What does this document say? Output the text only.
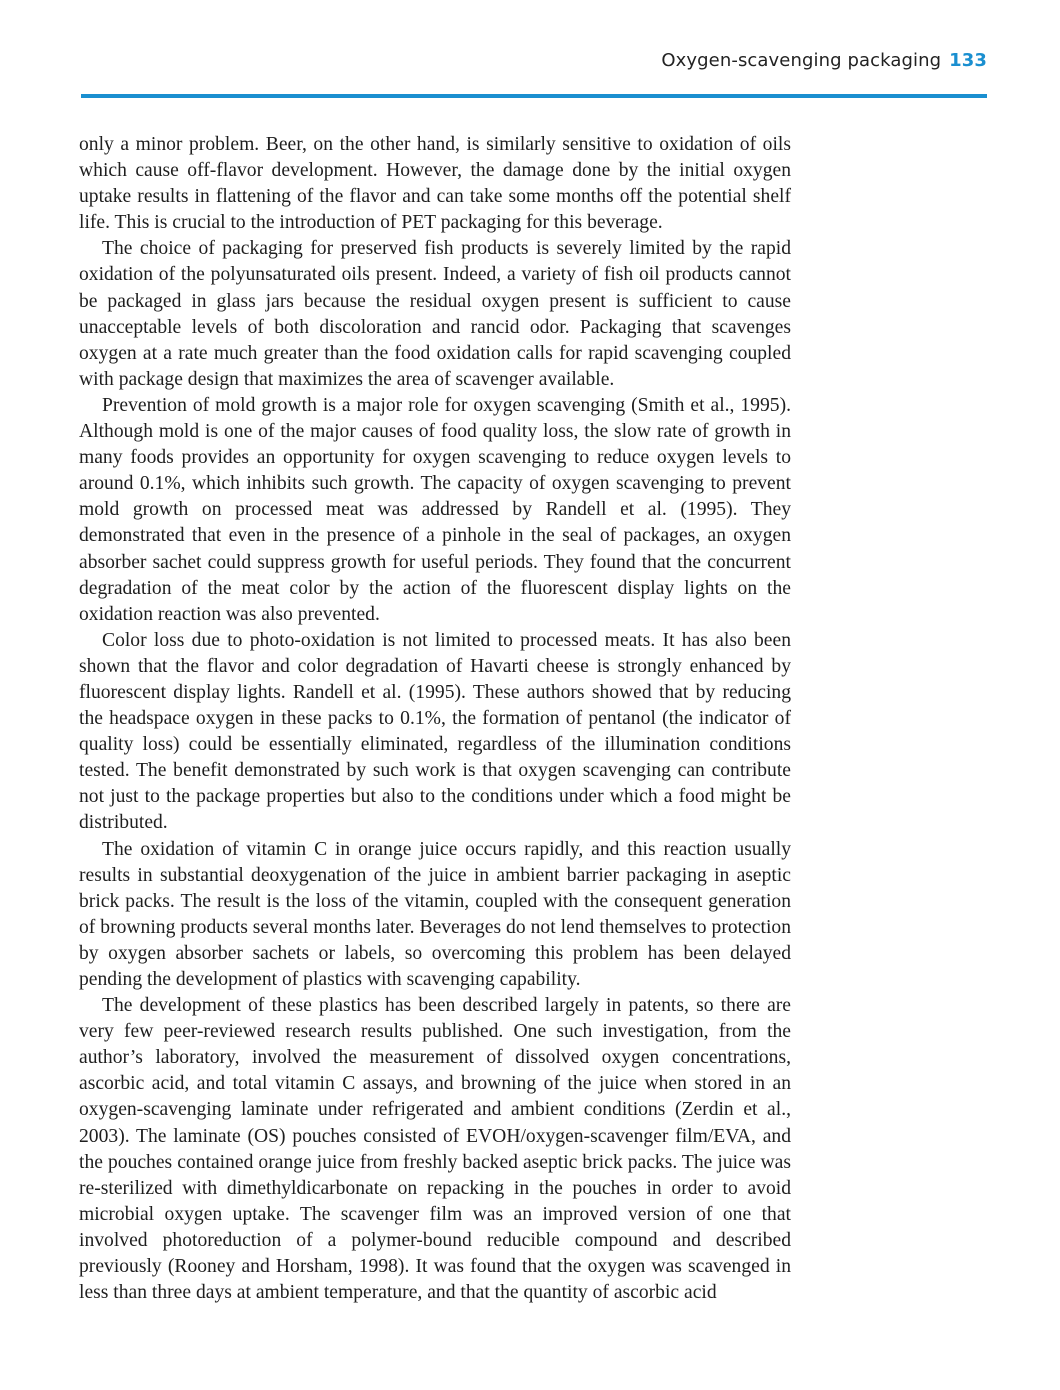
Oxygen-scavenging packaging 133

only a minor problem. Beer, on the other hand, is similarly sensitive to oxidation of oils which cause off-flavor development. However, the damage done by the initial oxygen uptake results in flattening of the flavor and can take some months off the potential shelf life. This is crucial to the introduction of PET packaging for this beverage.

The choice of packaging for preserved fish products is severely limited by the rapid oxidation of the polyunsaturated oils present. Indeed, a variety of fish oil products cannot be packaged in glass jars because the residual oxygen present is sufficient to cause unacceptable levels of both discoloration and rancid odor. Packaging that scavenges oxygen at a rate much greater than the food oxidation calls for rapid scavenging coupled with package design that maximizes the area of scavenger available.

Prevention of mold growth is a major role for oxygen scavenging (Smith et al., 1995). Although mold is one of the major causes of food quality loss, the slow rate of growth in many foods provides an opportunity for oxygen scavenging to reduce oxygen levels to around 0.1%, which inhibits such growth. The capacity of oxygen scavenging to prevent mold growth on processed meat was addressed by Randell et al. (1995). They demonstrated that even in the presence of a pinhole in the seal of packages, an oxygen absorber sachet could suppress growth for useful periods. They found that the concurrent degradation of the meat color by the action of the fluorescent display lights on the oxidation reaction was also prevented.

Color loss due to photo-oxidation is not limited to processed meats. It has also been shown that the flavor and color degradation of Havarti cheese is strongly enhanced by fluorescent display lights. Randell et al. (1995). These authors showed that by reducing the headspace oxygen in these packs to 0.1%, the formation of pentanol (the indicator of quality loss) could be essentially eliminated, regardless of the illumination conditions tested. The benefit demonstrated by such work is that oxygen scavenging can contribute not just to the package properties but also to the conditions under which a food might be distributed.

The oxidation of vitamin C in orange juice occurs rapidly, and this reaction usually results in substantial deoxygenation of the juice in ambient barrier packaging in aseptic brick packs. The result is the loss of the vitamin, coupled with the consequent generation of browning products several months later. Beverages do not lend themselves to protection by oxygen absorber sachets or labels, so overcoming this problem has been delayed pending the development of plastics with scavenging capability.

The development of these plastics has been described largely in patents, so there are very few peer-reviewed research results published. One such investigation, from the author’s laboratory, involved the measurement of dissolved oxygen concentrations, ascorbic acid, and total vitamin C assays, and browning of the juice when stored in an oxygen-scavenging laminate under refrigerated and ambient conditions (Zerdin et al., 2003). The laminate (OS) pouches consisted of EVOH/oxygen-scavenger film/EVA, and the pouches contained orange juice from freshly backed aseptic brick packs. The juice was re-sterilized with dimethyldicarbonate on repacking in the pouches in order to avoid microbial oxygen uptake. The scavenger film was an improved version of one that involved photoreduction of a polymer-bound reducible compound and described previously (Rooney and Horsham, 1998). It was found that the oxygen was scavenged in less than three days at ambient temperature, and that the quantity of ascorbic acid
